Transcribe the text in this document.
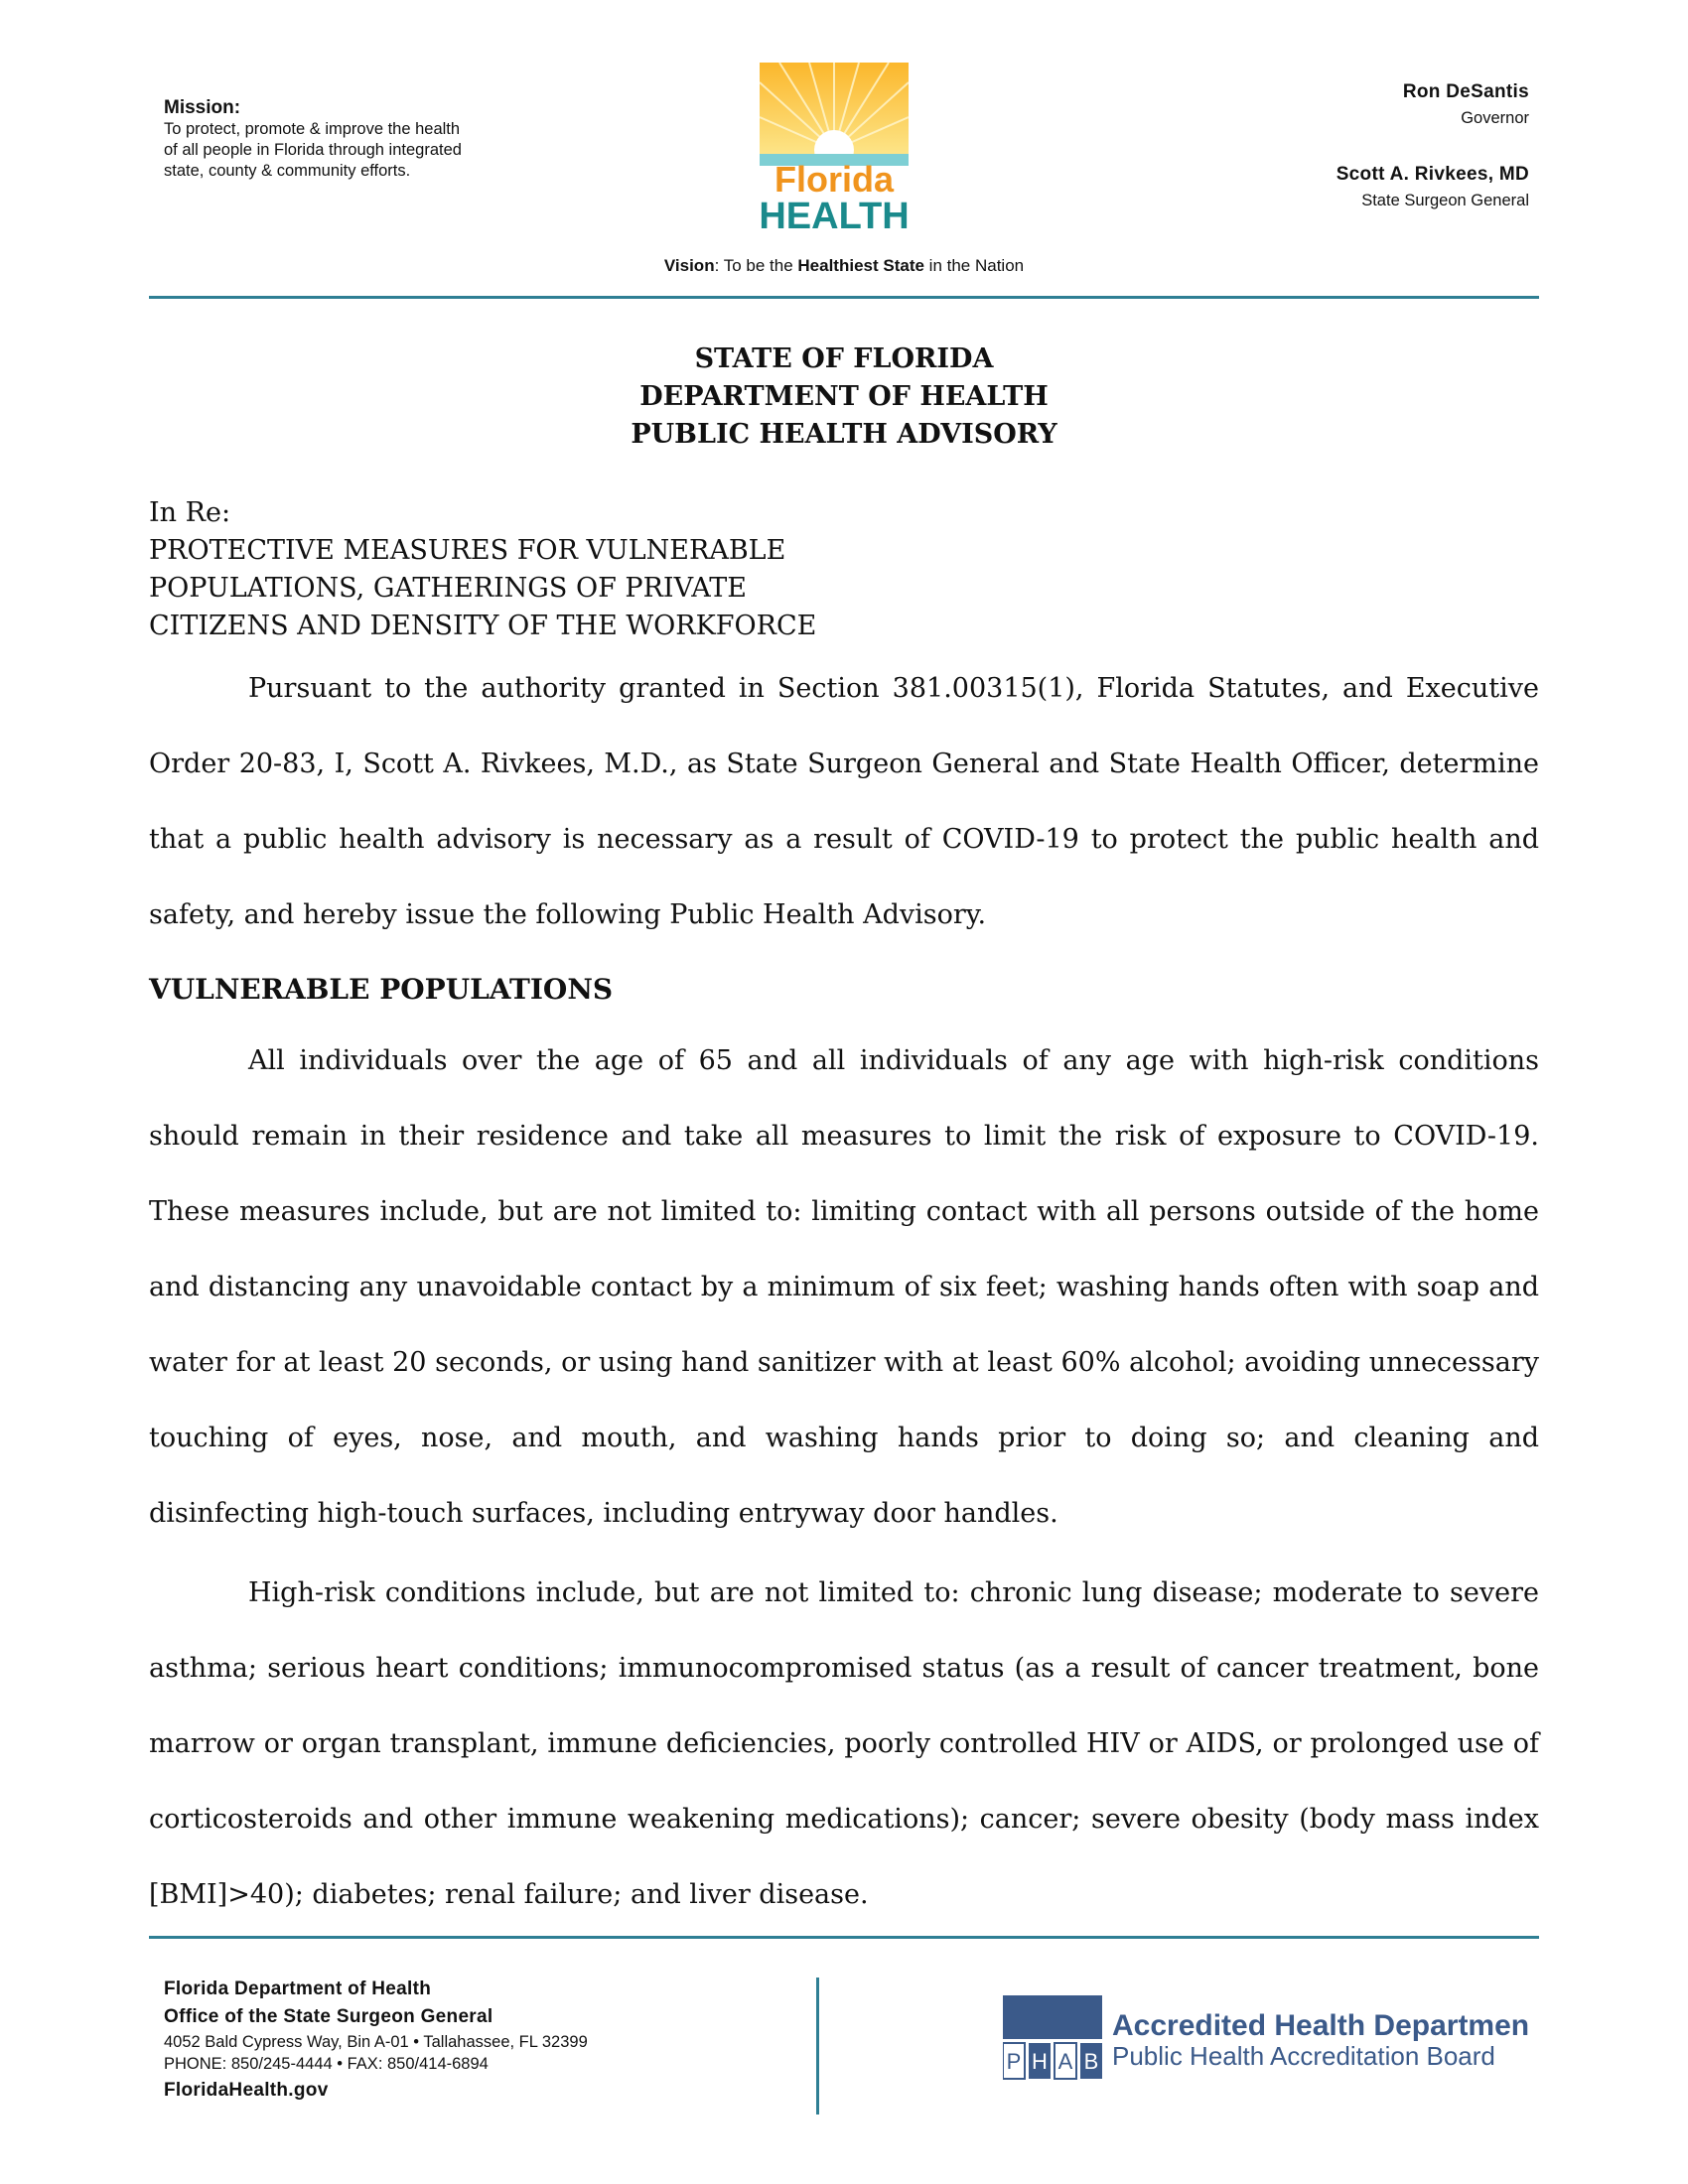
Mission:
To protect, promote & improve the health
of all people in Florida through integrated
state, county & community efforts.	Florida
HEALTH
Ron DeSantis
Governor
Scott A. Rivkees, MD
State Surgeon General
Vision: To be the Healthiest State in the Nation
STATE OF FLORIDA
DEPARTMENT OF HEALTH
PUBLIC HEALTH ADVISORY
In Re:
PROTECTIVE MEASURES FOR VULNERABLE
POPULATIONS, GATHERINGS OF PRIVATE
CITIZENS AND DENSITY OF THE WORKFORCE
Pursuant to the authority granted in Section 381.00315(1), Florida Statutes, and Executive Order 20-83, I, Scott A. Rivkees, M.D., as State Surgeon General and State Health Officer, determine that a public health advisory is necessary as a result of COVID-19 to protect the public health and safety, and hereby issue the following Public Health Advisory.
VULNERABLE POPULATIONS
All individuals over the age of 65 and all individuals of any age with high-risk conditions should remain in their residence and take all measures to limit the risk of exposure to COVID-19. These measures include, but are not limited to: limiting contact with all persons outside of the home and distancing any unavoidable contact by a minimum of six feet; washing hands often with soap and water for at least 20 seconds, or using hand sanitizer with at least 60% alcohol; avoiding unnecessary touching of eyes, nose, and mouth, and washing hands prior to doing so; and cleaning and disinfecting high-touch surfaces, including entryway door handles.
High-risk conditions include, but are not limited to: chronic lung disease; moderate to severe asthma; serious heart conditions; immunocompromised status (as a result of cancer treatment, bone marrow or organ transplant, immune deficiencies, poorly controlled HIV or AIDS, or prolonged use of corticosteroids and other immune weakening medications); cancer; severe obesity (body mass index [BMI]>40); diabetes; renal failure; and liver disease.
Florida Department of Health
Office of the State Surgeon General
4052 Bald Cypress Way, Bin A-01 • Tallahassee, FL 32399
PHONE: 850/245-4444 • FAX: 850/414-6894
FloridaHealth.gov
P H A B
Accredited Health Department
Public Health Accreditation Board
